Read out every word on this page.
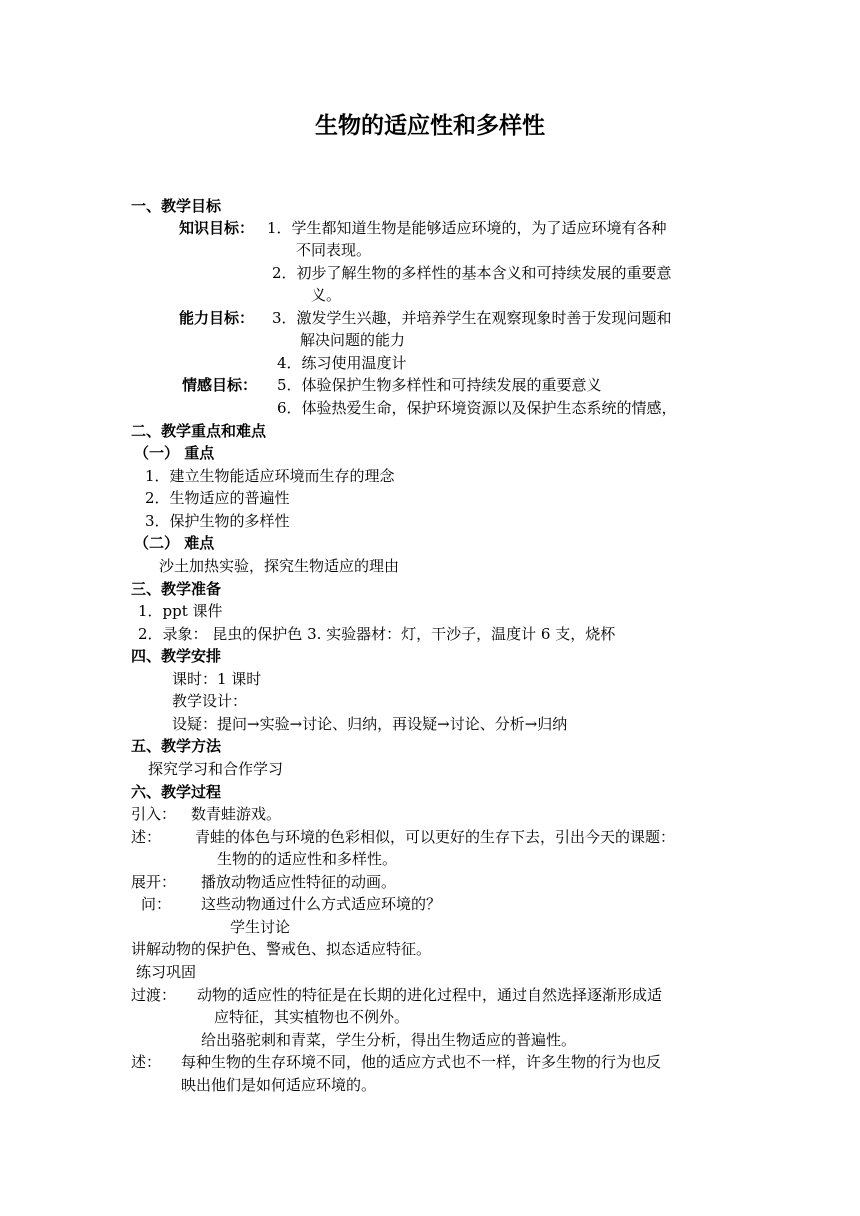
生物的适应性和多样性
一、教学目标
知识目标： 1．学生都知道生物是能够适应环境的，为了适应环境有各种
不同表现。
2．初步了解生物的多样性的基本含义和可持续发展的重要意
义。
能力目标： 3．激发学生兴趣，并培养学生在观察现象时善于发现问题和
解决问题的能力
4．练习使用温度计
情感目标： 5．体验保护生物多样性和可持续发展的重要意义
6．体验热爱生命，保护环境资源以及保护生态系统的情感，
二、教学重点和难点
（一） 重点
1．建立生物能适应环境而生存的理念
2．生物适应的普遍性
3．保护生物的多样性
（二） 难点
沙土加热实验，探究生物适应的理由
三、教学准备
1．ppt 课件
2．录象： 昆虫的保护色 3. 实验器材：灯，干沙子，温度计 6 支，烧杯
四、教学安排
课时：1 课时
教学设计：
设疑：提问→实验→讨论、归纳，再设疑→讨论、分析→归纳
五、教学方法
探究学习和合作学习
六、教学过程
引入： 数青蛙游戏。
述： 青蛙的体色与环境的色彩相似，可以更好的生存下去，引出今天的课题：
生物的的适应性和多样性。
展开： 播放动物适应性特征的动画。
问： 这些动物通过什么方式适应环境的？
学生讨论
讲解动物的保护色、警戒色、拟态适应特征。
练习巩固
过渡： 动物的适应性的特征是在长期的进化过程中，通过自然选择逐渐形成适
应特征，其实植物也不例外。
给出骆驼刺和青菜，学生分析，得出生物适应的普遍性。
述： 每种生物的生存环境不同，他的适应方式也不一样，许多生物的行为也反
映出他们是如何适应环境的。
